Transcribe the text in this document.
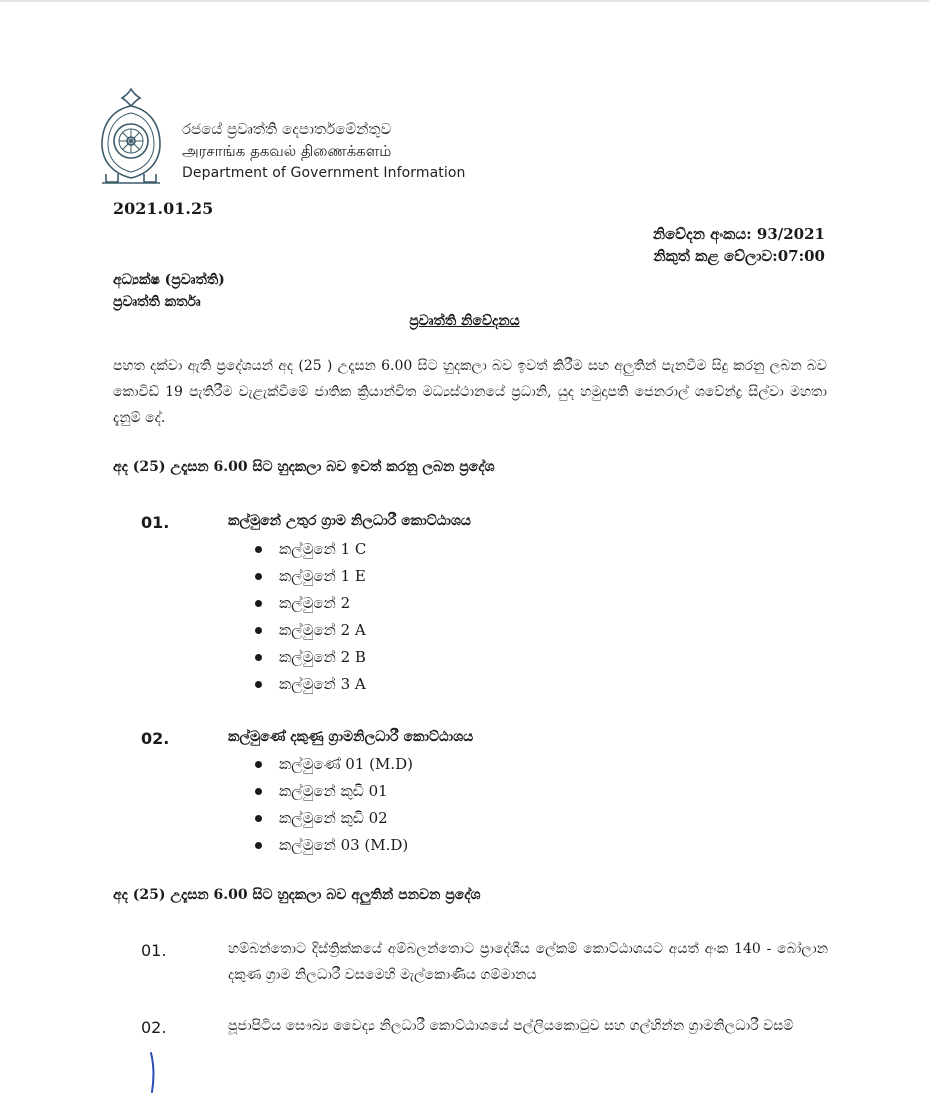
රජයේ ප්‍රවෘත්ති දෙපාර්තමේන්තුව
அரசாங்க தகவல் திணைக்களம்
Department of Government Information
2021.01.25
නිවේදන අංකය: 93/2021
නිකුත් කළ වේලාව:07:00
අධ්‍යක්ෂ (ප්‍රවෘත්ති)
ප්‍රවෘත්ති කර්තෘ
ප්‍රවෘත්ති නිවේදනය
පහත දක්වා ඇති ප්‍රදේශයන් අද (25 ) උදෑසන 6.00 සිට හුදකලා බව ඉවත් කිරීම සහ අලුතින් පැනවීම සිදු කරනු ලබන බව කොවිඩ් 19 පැතිරීම වැළැක්වීමේ ජාතික ක්‍රියාන්විත මධ්‍යස්ථානයේ ප්‍රධානි, යුද හමුදාපති ජෙනරාල් ශවේන්ද්‍ර සිල්වා මහතා දැනුම් දේ.
අද (25) උදෑසන 6.00 සිට හුදකලා බව ඉවත් කරනු ලබන ප්‍රදේශ
01.	කල්මුනේ උතුර ග්‍රාම නිලධාරී කොට්ඨාශය
කල්මුනේ 1 C
කල්මුනේ 1 E
කල්මුනේ 2
කල්මුනේ 2 A
කල්මුනේ 2 B
කල්මුනේ 3 A
02.	කල්මුණේ දකුණු ග්‍රාමනිලධාරී කොට්ඨාශය
කල්මුණේ 01 (M.D)
කල්මුනේ කුඩි 01
කල්මුනේ කුඩි 02
කල්මුනේ 03 (M.D)
අද (25) උදෑසන 6.00 සිට හුදකලා බව අලුතින් පනවන ප්‍රදේශ
01.	හම්බන්තොට දිස්ත්‍රික්කයේ අම්බලන්තොට ප්‍රාදේශීය ලේකම් කොට්ඨාශයට අයත් අංක 140 - බෝලාන දකුණ ග්‍රාම නිලධාරී වසමෙහි මැල්කොණිය ගම්මානය
02.	පූජාපිටිය සෞඛ්‍ය වෛද්‍ය නිලධාරී කොට්ඨාශයේ පල්ලියකොටුව සහ ගල්හින්න ග්‍රාමනිලධාරී වසම්
